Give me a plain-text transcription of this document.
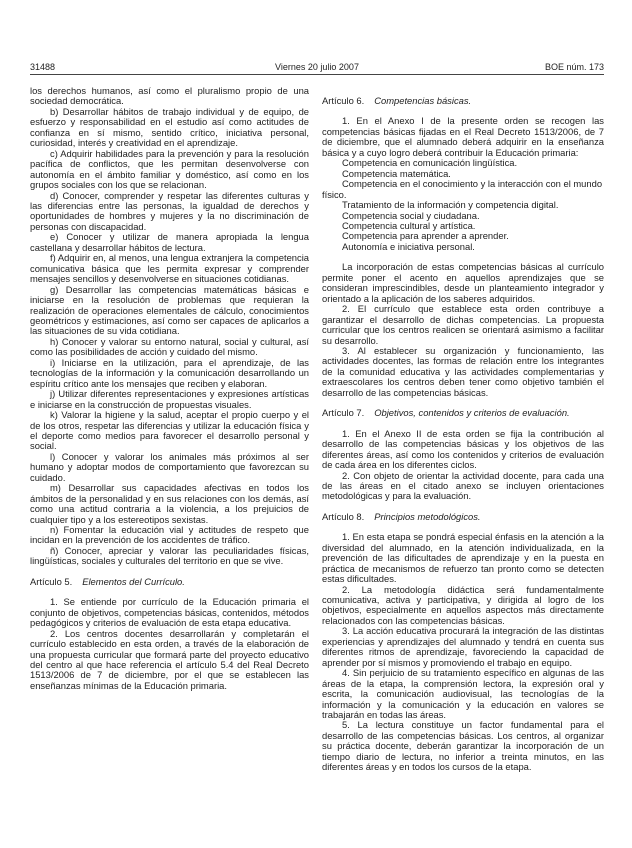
31488	Viernes 20 julio 2007	BOE núm. 173

los derechos humanos, así como el pluralismo propio de una sociedad democrática.

b) Desarrollar hábitos de trabajo individual y de equipo, de esfuerzo y responsabilidad en el estudio así como actitudes de confianza en sí mismo, sentido crítico, iniciativa personal, curiosidad, interés y creatividad en el aprendizaje.

c) Adquirir habilidades para la prevención y para la resolución pacífica de conflictos, que les permitan desenvolverse con autonomía en el ámbito familiar y doméstico, así como en los grupos sociales con los que se relacionan.

d) Conocer, comprender y respetar las diferentes culturas y las diferencias entre las personas, la igualdad de derechos y oportunidades de hombres y mujeres y la no discriminación de personas con discapacidad.

e) Conocer y utilizar de manera apropiada la lengua castellana y desarrollar hábitos de lectura.

f) Adquirir en, al menos, una lengua extranjera la competencia comunicativa básica que les permita expresar y comprender mensajes sencillos y desenvolverse en situaciones cotidianas.

g) Desarrollar las competencias matemáticas básicas e iniciarse en la resolución de problemas que requieran la realización de operaciones elementales de cálculo, conocimientos geométricos y estimaciones, así como ser capaces de aplicarlos a las situaciones de su vida cotidiana.

h) Conocer y valorar su entorno natural, social y cultural, así como las posibilidades de acción y cuidado del mismo.

i) Iniciarse en la utilización, para el aprendizaje, de las tecnologías de la información y la comunicación desarrollando un espíritu crítico ante los mensajes que reciben y elaboran.

j) Utilizar diferentes representaciones y expresiones artísticas e iniciarse en la construcción de propuestas visuales.

k) Valorar la higiene y la salud, aceptar el propio cuerpo y el de los otros, respetar las diferencias y utilizar la educación física y el deporte como medios para favorecer el desarrollo personal y social.

l) Conocer y valorar los animales más próximos al ser humano y adoptar modos de comportamiento que favorezcan su cuidado.

m) Desarrollar sus capacidades afectivas en todos los ámbitos de la personalidad y en sus relaciones con los demás, así como una actitud contraria a la violencia, a los prejuicios de cualquier tipo y a los estereotipos sexistas.

n) Fomentar la educación vial y actitudes de respeto que incidan en la prevención de los accidentes de tráfico.

ñ) Conocer, apreciar y valorar las peculiaridades físicas, lingüísticas, sociales y culturales del territorio en que se vive.

Artículo 5. Elementos del Currículo.

1. Se entiende por currículo de la Educación primaria el conjunto de objetivos, competencias básicas, contenidos, métodos pedagógicos y criterios de evaluación de esta etapa educativa.

2. Los centros docentes desarrollarán y completarán el currículo establecido en esta orden, a través de la elaboración de una propuesta curricular que formará parte del proyecto educativo del centro al que hace referencia el artículo 5.4 del Real Decreto 1513/2006 de 7 de diciembre, por el que se establecen las enseñanzas mínimas de la Educación primaria.

Artículo 6. Competencias básicas.

1. En el Anexo I de la presente orden se recogen las competencias básicas fijadas en el Real Decreto 1513/2006, de 7 de diciembre, que el alumnado deberá adquirir en la enseñanza básica y a cuyo logro deberá contribuir la Educación primaria:

Competencia en comunicación lingüística.

Competencia matemática.

Competencia en el conocimiento y la interacción con el mundo físico.

Tratamiento de la información y competencia digital.

Competencia social y ciudadana.

Competencia cultural y artística.

Competencia para aprender a aprender.

Autonomía e iniciativa personal.

La incorporación de estas competencias básicas al currículo permite poner el acento en aquellos aprendizajes que se consideran imprescindibles, desde un planteamiento integrador y orientado a la aplicación de los saberes adquiridos.

2. El currículo que establece esta orden contribuye a garantizar el desarrollo de dichas competencias. La propuesta curricular que los centros realicen se orientará asimismo a facilitar su desarrollo.

3. Al establecer su organización y funcionamiento, las actividades docentes, las formas de relación entre los integrantes de la comunidad educativa y las actividades complementarias y extraescolares los centros deben tener como objetivo también el desarrollo de las competencias básicas.

Artículo 7. Objetivos, contenidos y criterios de evaluación.

1. En el Anexo II de esta orden se fija la contribución al desarrollo de las competencias básicas y los objetivos de las diferentes áreas, así como los contenidos y criterios de evaluación de cada área en los diferentes ciclos.

2. Con objeto de orientar la actividad docente, para cada una de las áreas en el citado anexo se incluyen orientaciones metodológicas y para la evaluación.

Artículo 8. Principios metodológicos.

1. En esta etapa se pondrá especial énfasis en la atención a la diversidad del alumnado, en la atención individualizada, en la prevención de las dificultades de aprendizaje y en la puesta en práctica de mecanismos de refuerzo tan pronto como se detecten estas dificultades.

2. La metodología didáctica será fundamentalmente comunicativa, activa y participativa, y dirigida al logro de los objetivos, especialmente en aquellos aspectos más directamente relacionados con las competencias básicas.

3. La acción educativa procurará la integración de las distintas experiencias y aprendizajes del alumnado y tendrá en cuenta sus diferentes ritmos de aprendizaje, favoreciendo la capacidad de aprender por sí mismos y promoviendo el trabajo en equipo.

4. Sin perjuicio de su tratamiento específico en algunas de las áreas de la etapa, la comprensión lectora, la expresión oral y escrita, la comunicación audiovisual, las tecnologías de la información y la comunicación y la educación en valores se trabajarán en todas las áreas.

5. La lectura constituye un factor fundamental para el desarrollo de las competencias básicas. Los centros, al organizar su práctica docente, deberán garantizar la incorporación de un tiempo diario de lectura, no inferior a treinta minutos, en las diferentes áreas y en todos los cursos de la etapa.
